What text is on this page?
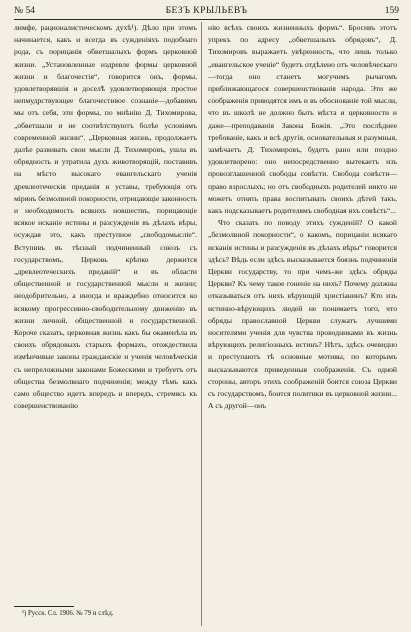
№ 54	БЕЗЪ КРЫЛЬЕВЪ	159

лимфе, рационалистическомъ духѣ¹). Дѣло при этомъ начинается, какъ и всегда въ сужденіяхъ подобнаго рода, съ порицанія обветшалыхъ формъ церковной жизни. „Установленные издревле формы церковной жизни и благочестія“, говорится онъ, формы, удовлетворявшія и досел̃ѣ удовлетворяющія простое непмудрствующее благочестивое сознаніе—добавимъ мы отъ себя, эти формы, по мнѣнію Д. Тихомирова, „обветшали и не соотвѣтствуютъ болѣе условіямъ современной жизни“. „Церковная жизнь, продолжаетъ далѣе развивать свои мысли Д. Тихомировъ, ушла въ обрядность и утратила духъ животворящій, поставивъ на мѣсто высокаго евангельскаго ученія древлеотеческія преданія и уставы, требующія отъ мірянъ безмолвной покорности, отрицающіе законность и необходимость всякихъ новшествъ, порицающіе всякое исканіе истины и разсужденія въ дѣлахъ вѣры, осуждая это, какъ преступное „свободомысліе“. Вступивъ въ тѣсный подчиненный союзъ съ государствомъ, Церковь крѣпко держится „древлеотеческихъ преданій“ и въ области общественной и государственной мысли и жизни; неодобрительно, а иногда и враждебно относится ко всякому прогрессивно-свободительному движенію въ жизни личной, общественной и государственной. Короче сказать, церковная жизнь какъ бы окаменѣла въ своихъ обрядовыхъ старыхъ формахъ, отождествила измѣнчивые законы гражданскіе и ученія человѣческія съ непреложными законами Божескими и требуетъ отъ общества безмолвнаго подчиненія; между тѣмъ какъ само общество идетъ впередъ и впередъ, стремясь къ совершенствованію

нію всѣхъ своихъ жизненныхъ формъ“. Бросивъ этотъ упрекъ по адресу „обветшалыхъ обрядовъ“, Д. Тихомировъ выражаетъ увѣренность, что лишь только „евангельское ученіе“ будетъ отдѣлено отъ человѣческаго—тогда оно станетъ могучимъ рычагомъ приближающагося совершенствованія народа. Эти же соображенія приводятся имъ и въ обоснованіе той мысли, что въ школѣ не должно быть мѣста и церковности и даже—преподаванія Закона Божія. „Это послѣднее требованіе, какъ и всѣ другія, основательныя и разумныя, замѣчаетъ Д. Тихомировъ, будетъ рано или поздно удовлетворено: оно непосредственно вытекаетъ изъ провозглашенной свободы совѣсти. Свобода совѣсти—право взрослыхъ; но отъ свободныхъ родителей никто не можетъ отнять права воспитывать своихъ дѣтей такъ, какъ подсказываетъ родителямъ свободная ихъ совѣсть“...

Что сказать по поводу этихъ сужденій? О какой „безмолвной покорности“, о какомъ, порицаніи всякаго исканія истины и разсужденія въ дѣлахъ вѣры“ говорится здѣсь? Вѣдь если здѣсь высказывается боязнь подчиненія Церкви государству, то при чемъ-же здѣсь обряды Церкви? Къ чему такое гоненіе на нихъ? Почему должны отказываться отъ нихъ вѣрующій христіанинъ? Кто изъ истинно-вѣрующихъ людей не понимаетъ того, что обряды православной Церкви служатъ лучшими носителями ученія для чувства проводниками въ жизнь вѣрующихъ религіозныхъ истинъ? Нѣтъ, здѣсь очевидно и преступаютъ тѣ основные мотивы, по которымъ высказываются приведенныя соображенія. Съ одной стороны, авторъ этихъ соображеній боится союза Церкви съ государствомъ, боится политики въ церковной жизни... А съ другой—онъ

¹) Русск. Сл. 1906. № 79 и слѣд.
